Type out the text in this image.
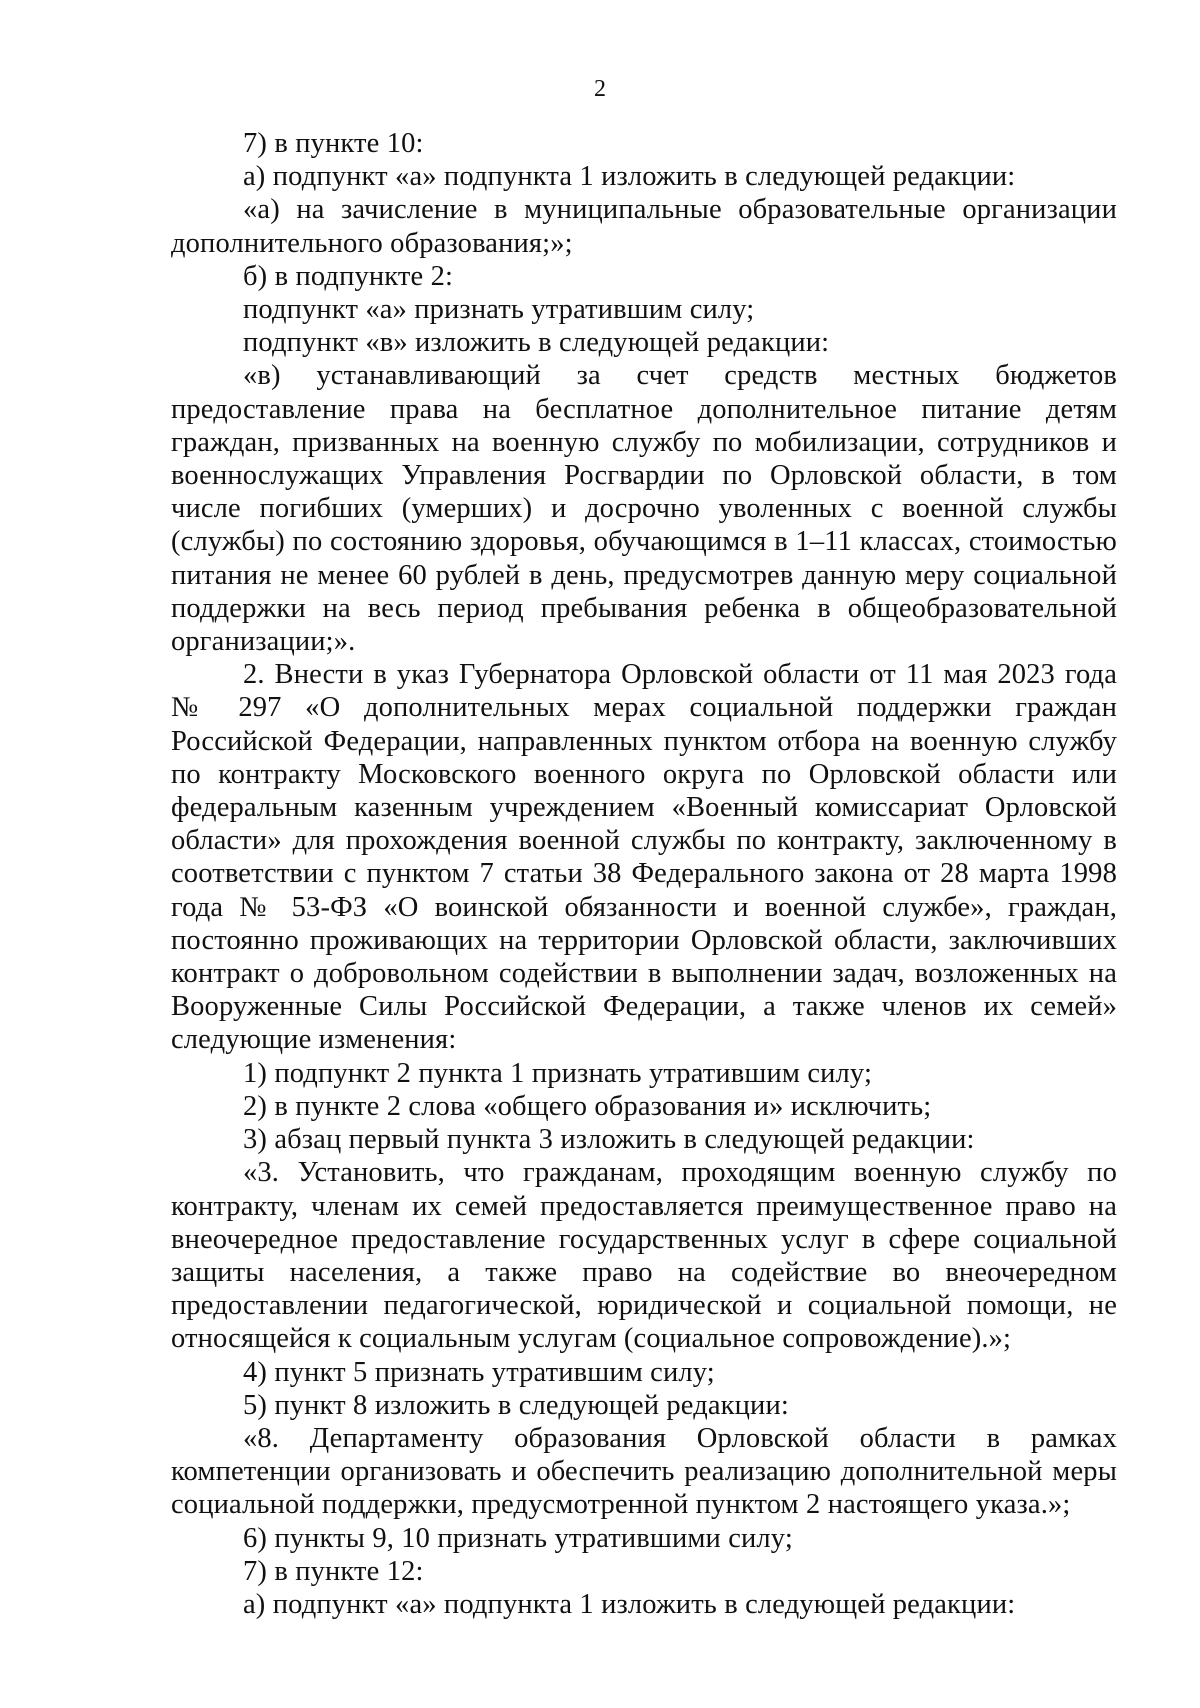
2

7) в пункте 10:

а) подпункт «а» подпункта 1 изложить в следующей редакции:

«а) на зачисление в муниципальные образовательные организации дополнительного образования;»;

б) в подпункте 2:

подпункт «а» признать утратившим силу;

подпункт «в» изложить в следующей редакции:

«в) устанавливающий за счет средств местных бюджетов предоставление права на бесплатное дополнительное питание детям граждан, призванных на военную службу по мобилизации, сотрудников и военнослужащих Управления Росгвардии по Орловской области, в том числе погибших (умерших) и досрочно уволенных с военной службы (службы) по состоянию здоровья, обучающимся в 1–11 классах, стоимостью питания не менее 60 рублей в день, предусмотрев данную меру социальной поддержки на весь период пребывания ребенка в общеобразовательной организации;».

2. Внести в указ Губернатора Орловской области от 11 мая 2023 года № 297 «О дополнительных мерах социальной поддержки граждан Российской Федерации, направленных пунктом отбора на военную службу по контракту Московского военного округа по Орловской области или федеральным казенным учреждением «Военный комиссариат Орловской области» для прохождения военной службы по контракту, заключенному в соответствии с пунктом 7 статьи 38 Федерального закона от 28 марта 1998 года № 53-ФЗ «О воинской обязанности и военной службе», граждан, постоянно проживающих на территории Орловской области, заключивших контракт о добровольном содействии в выполнении задач, возложенных на Вооруженные Силы Российской Федерации, а также членов их семей» следующие изменения:

1) подпункт 2 пункта 1 признать утратившим силу;

2) в пункте 2 слова «общего образования и» исключить;

3) абзац первый пункта 3 изложить в следующей редакции:

«3. Установить, что гражданам, проходящим военную службу по контракту, членам их семей предоставляется преимущественное право на внеочередное предоставление государственных услуг в сфере социальной защиты населения, а также право на содействие во внеочередном предоставлении педагогической, юридической и социальной помощи, не относящейся к социальным услугам (социальное сопровождение).»;

4) пункт 5 признать утратившим силу;

5) пункт 8 изложить в следующей редакции:

«8. Департаменту образования Орловской области в рамках компетенции организовать и обеспечить реализацию дополнительной меры социальной поддержки, предусмотренной пунктом 2 настоящего указа.»;

6) пункты 9, 10 признать утратившими силу;

7) в пункте 12:

а) подпункт «а» подпункта 1 изложить в следующей редакции:
